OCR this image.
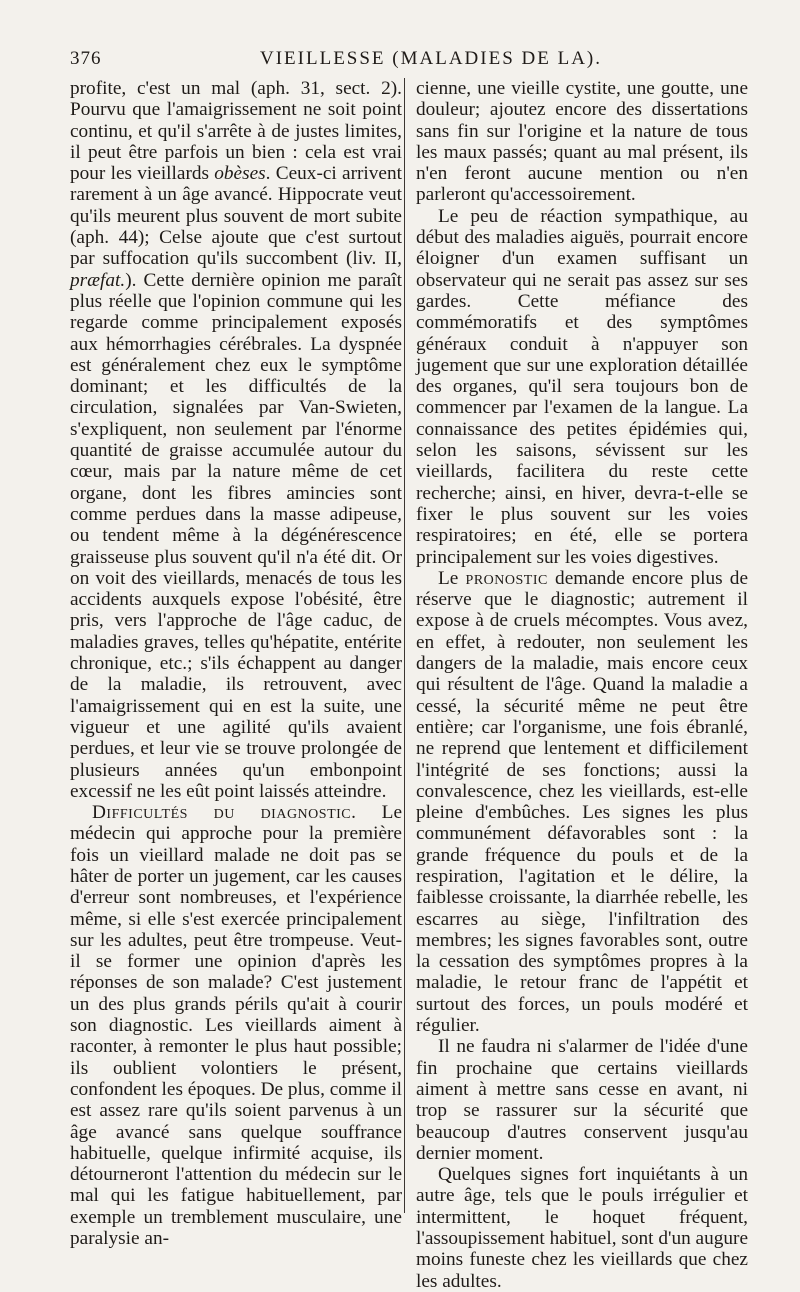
376	VIEILLESSE (MALADIES DE LA).

profite, c'est un mal (aph. 31, sect. 2). Pourvu que l'amaigrissement ne soit point continu, et qu'il s'arrête à de justes limites, il peut être parfois un bien : cela est vrai pour les vieillards obèses. Ceux-ci arrivent rarement à un âge avancé. Hippocrate veut qu'ils meurent plus souvent de mort subite (aph. 44); Celse ajoute que c'est surtout par suffocation qu'ils succombent (liv. II, præfat.). Cette dernière opinion me paraît plus réelle que l'opinion commune qui les regarde comme principalement exposés aux hémorrhagies cérébrales. La dyspnée est généralement chez eux le symptôme dominant; et les difficultés de la circulation, signalées par Van-Swieten, s'expliquent, non seulement par l'énorme quantité de graisse accumulée autour du cœur, mais par la nature même de cet organe, dont les fibres amincies sont comme perdues dans la masse adipeuse, ou tendent même à la dégénérescence graisseuse plus souvent qu'il n'a été dit. Or on voit des vieillards, menacés de tous les accidents auxquels expose l'obésité, être pris, vers l'approche de l'âge caduc, de maladies graves, telles qu'hépatite, entérite chronique, etc.; s'ils échappent au danger de la maladie, ils retrouvent, avec l'amaigrissement qui en est la suite, une vigueur et une agilité qu'ils avaient perdues, et leur vie se trouve prolongée de plusieurs années qu'un embonpoint excessif ne les eût point laissés atteindre.

Difficultés du diagnostic. Le médecin qui approche pour la première fois un vieillard malade ne doit pas se hâter de porter un jugement, car les causes d'erreur sont nombreuses, et l'expérience même, si elle s'est exercée principalement sur les adultes, peut être trompeuse. Veut-il se former une opinion d'après les réponses de son malade? C'est justement un des plus grands périls qu'ait à courir son diagnostic. Les vieillards aiment à raconter, à remonter le plus haut possible; ils oublient volontiers le présent, confondent les époques. De plus, comme il est assez rare qu'ils soient parvenus à un âge avancé sans quelque souffrance habituelle, quelque infirmité acquise, ils détourneront l'attention du médecin sur le mal qui les fatigue habituellement, par exemple un tremblement musculaire, une paralysie an-

cienne, une vieille cystite, une goutte, une douleur; ajoutez encore des dissertations sans fin sur l'origine et la nature de tous les maux passés; quant au mal présent, ils n'en feront aucune mention ou n'en parleront qu'accessoirement.

Le peu de réaction sympathique, au début des maladies aiguës, pourrait encore éloigner d'un examen suffisant un observateur qui ne serait pas assez sur ses gardes. Cette méfiance des commémoratifs et des symptômes généraux conduit à n'appuyer son jugement que sur une exploration détaillée des organes, qu'il sera toujours bon de commencer par l'examen de la langue. La connaissance des petites épidémies qui, selon les saisons, sévissent sur les vieillards, facilitera du reste cette recherche; ainsi, en hiver, devra-t-elle se fixer le plus souvent sur les voies respiratoires; en été, elle se portera principalement sur les voies digestives.

Le pronostic demande encore plus de réserve que le diagnostic; autrement il expose à de cruels mécomptes. Vous avez, en effet, à redouter, non seulement les dangers de la maladie, mais encore ceux qui résultent de l'âge. Quand la maladie a cessé, la sécurité même ne peut être entière; car l'organisme, une fois ébranlé, ne reprend que lentement et difficilement l'intégrité de ses fonctions; aussi la convalescence, chez les vieillards, est-elle pleine d'embûches. Les signes les plus communément défavorables sont : la grande fréquence du pouls et de la respiration, l'agitation et le délire, la faiblesse croissante, la diarrhée rebelle, les escarres au siège, l'infiltration des membres; les signes favorables sont, outre la cessation des symptômes propres à la maladie, le retour franc de l'appétit et surtout des forces, un pouls modéré et régulier.

Il ne faudra ni s'alarmer de l'idée d'une fin prochaine que certains vieillards aiment à mettre sans cesse en avant, ni trop se rassurer sur la sécurité que beaucoup d'autres conservent jusqu'au dernier moment.

Quelques signes fort inquiétants à un autre âge, tels que le pouls irrégulier et intermittent, le hoquet fréquent, l'assoupissement habituel, sont d'un augure moins funeste chez les vieillards que chez les adultes.
